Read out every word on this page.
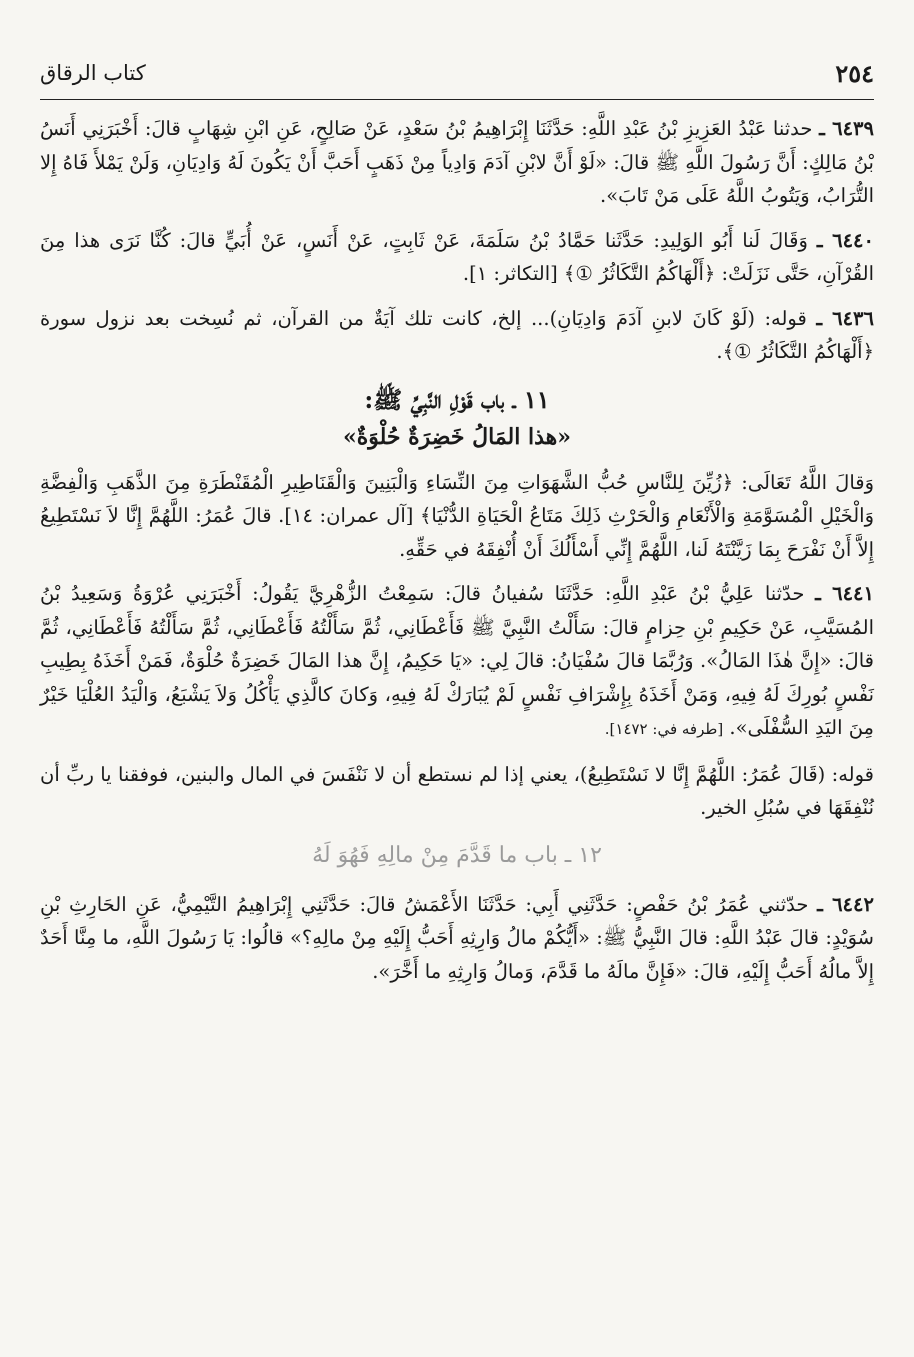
كتاب الرقاق	٢٥٤

٦٤٣٩ ـ حدثنا عَبْدُ العَزِيزِ بْنُ عَبْدِ اللَّهِ: حَدَّثَنَا إِبْرَاهِيمُ بْنُ سَعْدٍ، عَنْ صَالِحٍ، عَنِ ابْنِ شِهَابٍ قالَ: أَخْبَرَنِي أَنَسُ بْنُ مَالِكٍ: أَنَّ رَسُولَ اللَّهِ ﷺ قالَ: «لَوْ أَنَّ لابْنِ آدَمَ وَادِياً مِنْ ذَهَبٍ أَحَبَّ أَنْ يَكُونَ لَهُ وَادِيَانِ، وَلَنْ يَمْلأَ فَاهُ إِلا التُّرَابُ، وَيَتُوبُ اللَّهُ عَلَى مَنْ تَابَ».

٦٤٤٠ ـ وَقَالَ لَنا أَبُو الوَلِيدِ: حَدَّثَنا حَمَّادُ بْنُ سَلَمَةَ، عَنْ ثَابِتٍ، عَنْ أَنَسٍ، عَنْ أُبَيٍّ قالَ: كُنَّا نَرَى هذا مِنَ القُرْآنِ، حَتَّى نَزَلَتْ: ﴿أَلْهَاكُمُ التَّكَاثُرُ ①﴾ [التكاثر: ١].

٦٤٣٦ ـ قوله: (لَوْ كَانَ لابنِ آدَمَ وَادِيَانِ)... إلخ، كانت تلك آيَةٌ من القرآن، ثم نُسِخت بعد نزول سورة ﴿أَلْهَاكُمُ التَّكَاثُرُ ①﴾.

١١ ـ باب قَوْلِ النَّبِيِّ ﷺ:
«هذا المَالُ خَضِرَةٌ حُلْوَةٌ»

وَقالَ اللَّهُ تَعَالَى: ﴿زُيِّنَ لِلنَّاسِ حُبُّ الشَّهَوَاتِ مِنَ النِّسَاءِ وَالْبَنِينَ وَالْقَنَاطِيرِ الْمُقَنْطَرَةِ مِنَ الذَّهَبِ وَالْفِضَّةِ وَالْخَيْلِ الْمُسَوَّمَةِ وَالْأَنْعَامِ وَالْحَرْثِ ذَلِكَ مَتَاعُ الْحَيَاةِ الدُّنْيَا﴾ [آل عمران: ١٤]. قالَ عُمَرُ: اللَّهُمَّ إِنَّا لاَ نَسْتَطِيعُ إِلاَّ أَنْ نَفْرَحَ بِمَا زَيَّنْتَهُ لَنا، اللَّهُمَّ إِنِّي أَسْأَلُكَ أَنْ أُنْفِقَهُ في حَقِّهِ.

٦٤٤١ ـ حدّثنا عَلِيُّ بْنُ عَبْدِ اللَّهِ: حَدَّثَنَا سُفيانُ قالَ: سَمِعْتُ الزُّهْرِيَّ يَقُولُ: أَخْبَرَنِي عُرْوَةُ وَسَعِيدُ بْنُ المُسَيَّبِ، عَنْ حَكِيمِ بْنِ حِزامٍ قالَ: سَأَلْتُ النَّبِيَّ ﷺ فَأَعْطَانِي، ثُمَّ سَأَلْتُهُ فَأَعْطَانِي، ثُمَّ سَأَلْتُهُ فَأَعْطَانِي، ثُمَّ قالَ: «إِنَّ هٰذَا المَالُ». وَرُبَّمَا قالَ سُفْيَانُ: قالَ لِي: «يَا حَكِيمُ، إِنَّ هذا المَالَ خَضِرَةٌ حُلْوَةٌ، فَمَنْ أَخَذَهُ بِطِيبِ نَفْسٍ بُورِكَ لَهُ فِيهِ، وَمَنْ أَخَذَهُ بِإِشْرَافِ نَفْسٍ لَمْ يُبَارَكْ لَهُ فِيهِ، وَكانَ كالَّذِي يَأْكُلُ وَلاَ يَشْبَعُ، وَالْيَدُ العُلْيَا خَيْرٌ مِنَ اليَدِ السُّفْلَى». [طرفه في: ١٤٧٢].

قوله: (قَالَ عُمَرُ: اللَّهُمَّ إِنَّا لا نَسْتَطِيعُ)، يعني إذا لم نستطع أن لا نَنْفَسَ في المال والبنين، فوفقنا يا ربِّ أن نُنْفِقَهَا في سُبُلِ الخير.

١٢ ـ باب ما قَدَّمَ مِنْ مالِهِ فَهُوَ لَهُ

٦٤٤٢ ـ حدّثني عُمَرُ بْنُ حَفْصٍ: حَدَّثَنِي أَبِي: حَدَّثَنَا الأَعْمَشُ قالَ: حَدَّثَنِي إِبْرَاهِيمُ التَّيْمِيُّ، عَنِ الحَارِثِ بْنِ سُوَيْدٍ: قالَ عَبْدُ اللَّهِ: قالَ النَّبِيُّ ﷺ: «أَيُّكُمْ مالُ وَارِثِهِ أَحَبُّ إِلَيْهِ مِنْ مالِهِ؟» قالُوا: يَا رَسُولَ اللَّهِ، ما مِنَّا أَحَدٌ إِلاَّ مالُهُ أَحَبُّ إِلَيْهِ، قالَ: «فَإِنَّ مالَهُ ما قَدَّمَ، وَمالُ وَارِثِهِ ما أَخَّرَ».
